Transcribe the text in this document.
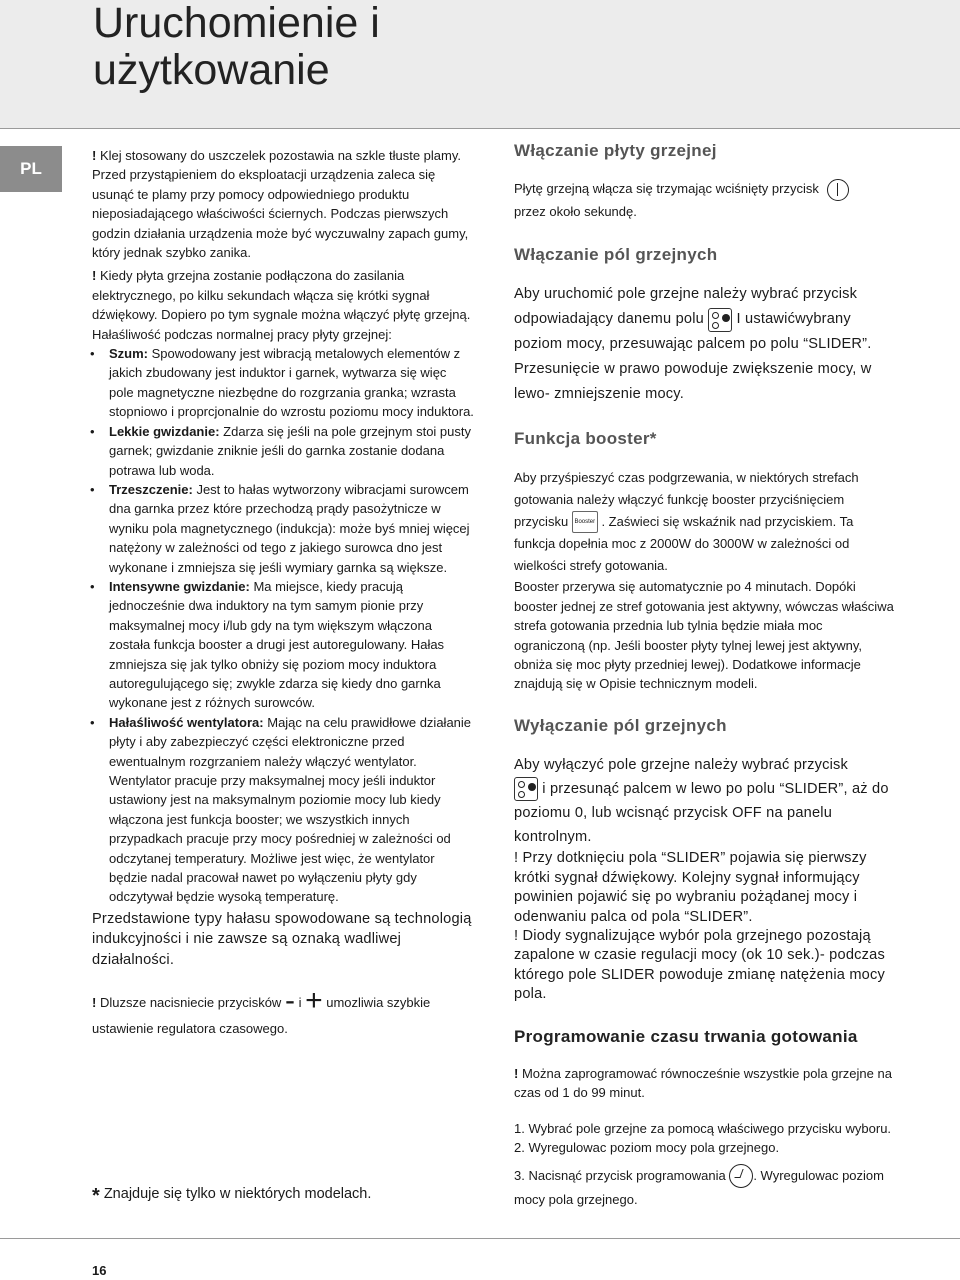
Uruchomienie i
użytkowanie
PL

! Klej stosowany do uszczelek pozostawia na szkle tłuste plamy. Przed przystąpieniem do eksploatacji urządzenia zaleca się usunąć te plamy przy pomocy odpowiedniego produktu nieposiadającego właściwości ściernych. Podczas pierwszych godzin działania urządzenia może być wyczuwalny zapach gumy, który jednak szybko zanika.

! Kiedy płyta grzejna zostanie podłączona do zasilania elektrycznego, po kilku sekundach włącza się krótki sygnał dźwiękowy. Dopiero po tym sygnale można włączyć płytę grzejną.

Hałaśliwość podczas normalnej pracy płyty grzejnej:

• Szum: Spowodowany jest wibracją metalowych elementów z jakich zbudowany jest induktor i garnek, wytwarza się więc pole magnetyczne niezbędne do rozgrzania granka; wzrasta stopniowo i proprcjonalnie do wzrostu poziomu mocy induktora.
• Lekkie gwizdanie: Zdarza się jeśli na pole grzejnym stoi pusty garnek; gwizdanie zniknie jeśli do garnka zostanie dodana potrawa lub woda.
• Trzeszczenie: Jest to hałas wytworzony wibracjami surowcem dna garnka przez które przechodzą prądy pasożytnicze w wyniku pola magnetycznego (indukcja): może byś mniej więcej natężony w zależności od tego z jakiego surowca dno jest wykonane i zmniejsza się jeśli wymiary garnka są większe.
• Intensywne gwizdanie: Ma miejsce, kiedy pracują jednocześnie dwa induktory na tym samym pionie przy maksymalnej mocy i/lub gdy na tym większym włączona została funkcja booster a drugi jest autoregulowany. Hałas zmniejsza się jak tylko obniży się poziom mocy induktora autoregulującego się; zwykle zdarza się kiedy dno garnka wykonane jest z różnych surowców.
• Hałaśliwość wentylatora: Mając na celu prawidłowe działanie płyty i aby zabezpieczyć części elektroniczne przed ewentualnym rozgrzaniem należy włączyć wentylator. Wentylator pracuje przy maksymalnej mocy jeśli induktor ustawiony jest na maksymalnym poziomie mocy lub kiedy włączona jest funkcja booster; we wszystkich innych przypadkach pracuje przy mocy pośredniej w zależności od odczytanej temperatury. Możliwe jest więc, że wentylator będzie nadal pracował nawet po wyłączeniu płyty gdy odczytywał będzie wysoką temperaturę.

Przedstawione typy hałasu spowodowane są technologią indukcyjności i nie zawsze są oznaką wadliwej działalności.

! Dluzsze nacisniecie przycisków - i + umozliwia szybkie ustawienie regulatora czasowego.

Włączanie płyty grzejnej

Płytę grzejną włącza się trzymając wciśnięty przycisk
przez około sekundę.

Włączanie pól grzejnych

Aby uruchomić pole grzejne należy wybrać przycisk odpowiadający danemu polu
I ustawićwybrany poziom mocy, przesuwając palcem po polu “SLIDER”. Przesunięcie w prawo powoduje zwiększenie mocy, w lewo- zmniejszenie mocy.

Funkcja booster*

Aby przyśpieszyć czas podgrzewania, w niektórych strefach gotowania należy włączyć funkcję booster przyciśnięciem przycisku Booster . Zaświeci się wskaźnik nad przyciskiem. Ta funkcja dopełnia moc z 2000W do 3000W w zależności od wielkości strefy gotowania.

Booster przerywa się automatycznie po 4 minutach. Dopóki booster jednej ze stref gotowania jest aktywny, wówczas właściwa strefa gotowania przednia lub tylnia będzie miała moc ograniczoną (np. Jeśli booster płyty tylnej lewej jest aktywny, obniża się moc płyty przedniej lewej). Dodatkowe informacje znajdują się w Opisie technicznym modeli.

Wyłączanie pól grzejnych

Aby wyłączyć pole grzejne należy wybrać przycisk

i przesunąć palcem w lewo po polu “SLIDER”, aż do poziomu 0, lub wcisnąć przycisk OFF na panelu kontrolnym.

! Przy dotknięciu pola “SLIDER” pojawia się pierwszy krótki sygnał dźwiękowy. Kolejny sygnał informujący powinien pojawić się po wybraniu pożądanej mocy i odenwaniu palca od pola “SLIDER”.

! Diody sygnalizujące wybór pola grzejnego pozostają zapalone w czasie regulacji mocy (ok 10 sek.)- podczas którego pole SLIDER powoduje zmianę natężenia mocy pola.

Programowanie czasu trwania gotowania

! Można zaprogramować równocześnie wszystkie pola grzejne na czas od 1 do 99 minut.

1. Wybrać pole grzejne za pomocą właściwego przycisku wyboru.

2. Wyregulowac poziom mocy pola grzejnego.

3. Nacisnąć przycisk programowania . Wyregulowac poziom mocy pola grzejnego.

* Znajduje się tylko w niektórych modelach.
16
